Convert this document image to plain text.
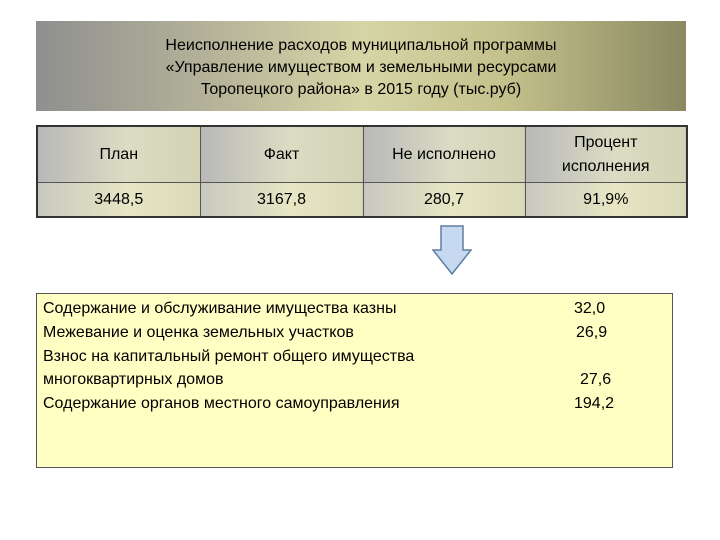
Неисполнение расходов муниципальной программы
«Управление имуществом и земельными ресурсами
Торопецкого района» в 2015 году (тыс.руб)
План	Факт	Не исполнено	Процент
исполнения

3448,5	3167,8	280,7	91,9%
Содержание и обслуживание имущества казны	32,0
Межевание и оценка земельных участков	26,9
Взнос на капитальный ремонт общего имущества
многоквартирных домов	27,6
Содержание органов местного самоуправления	194,2
